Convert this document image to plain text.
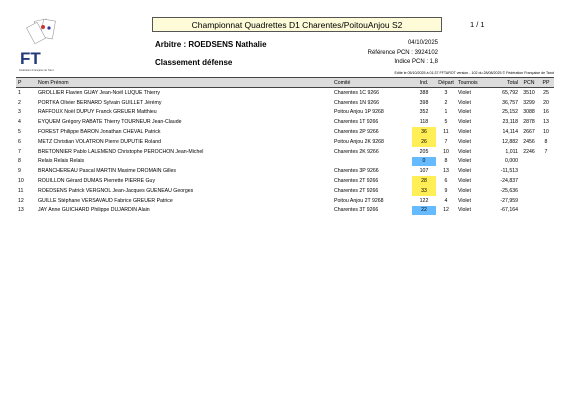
FT
Fédération Française de Tarot
Championnat Quadrettes D1 Charentes/PoitouAnjou S2	1 / 1
Arbitre : ROEDSENS Nathalie	04/10/2025
Référence PCN : 3924102
Classement défense	Indice PCN : 1,8
Edité le 05/10/2025 à 01:37 FFTAROT version - 102 du 28/08/2025 © Fédération Française de Tarot
P	Nom Prénom	Comité	Ind.	Départ	Tournois	Total	PCN	PP
1	GROLLIER Flavien GUAY Jean-Noël LUQUE Thierry	Charentes 1C 9266	388	3	Violet	65,792	3510	25
2	PORTKA Olivier BERNARD Sylvain GUILLET Jérémy	Charentes 1N 9266	398	2	Violet	36,757	3299	20
3	RAFFOUX Noël DUPUY Franck GREUER Matthieu	Poitou Anjou 1P 9268	352	1	Violet	25,152	3088	16
4	EYQUEM Grégory RABATE Thierry TOURNEUR Jean-Claude	Charentes 1T 9266	118	5	Violet	23,118	2878	13
5	FOREST Philippe BARON Jonathan CHEVAL Patrick	Charentes 2P 9266	36	11	Violet	14,114	2667	10
6	METZ Christian VOLATRON Pierre DUPUTIE Roland	Poitou Anjou 2K 9268	26	7	Violet	12,882	2456	8
7	BRETONNIER Pablo LALEMEND Christophe PEROCHON Jean-Michel	Charentes 2K 9266	205	10	Violet	1,011	2246	7
8	Relais Relais Relais		0	8	Violet	0,000		
9	BRANCHEREAU Pascal MARTIN Maxime DROMAIN Gilles	Charentes 3P 9266	107	13	Violet	-11,513		
10	ROUILLON Gérard DUMAS Pierrette PIERRE Guy	Charentes 2T 9266	28	6	Violet	-24,837		
11	ROEDSENS Patrick VERGNOL Jean-Jacques GUENEAU Georges	Charentes 2T 9266	33	9	Violet	-25,636		
12	GUILLE Stéphane VERSAVAUD Fabrice GREUER Patrice	Poitou Anjou 2T 9268	122	4	Violet	-27,959		
13	JAY Anne GUICHARD Philippe DUJARDIN Alain	Charentes 3T 9266	22	12	Violet	-67,164		
